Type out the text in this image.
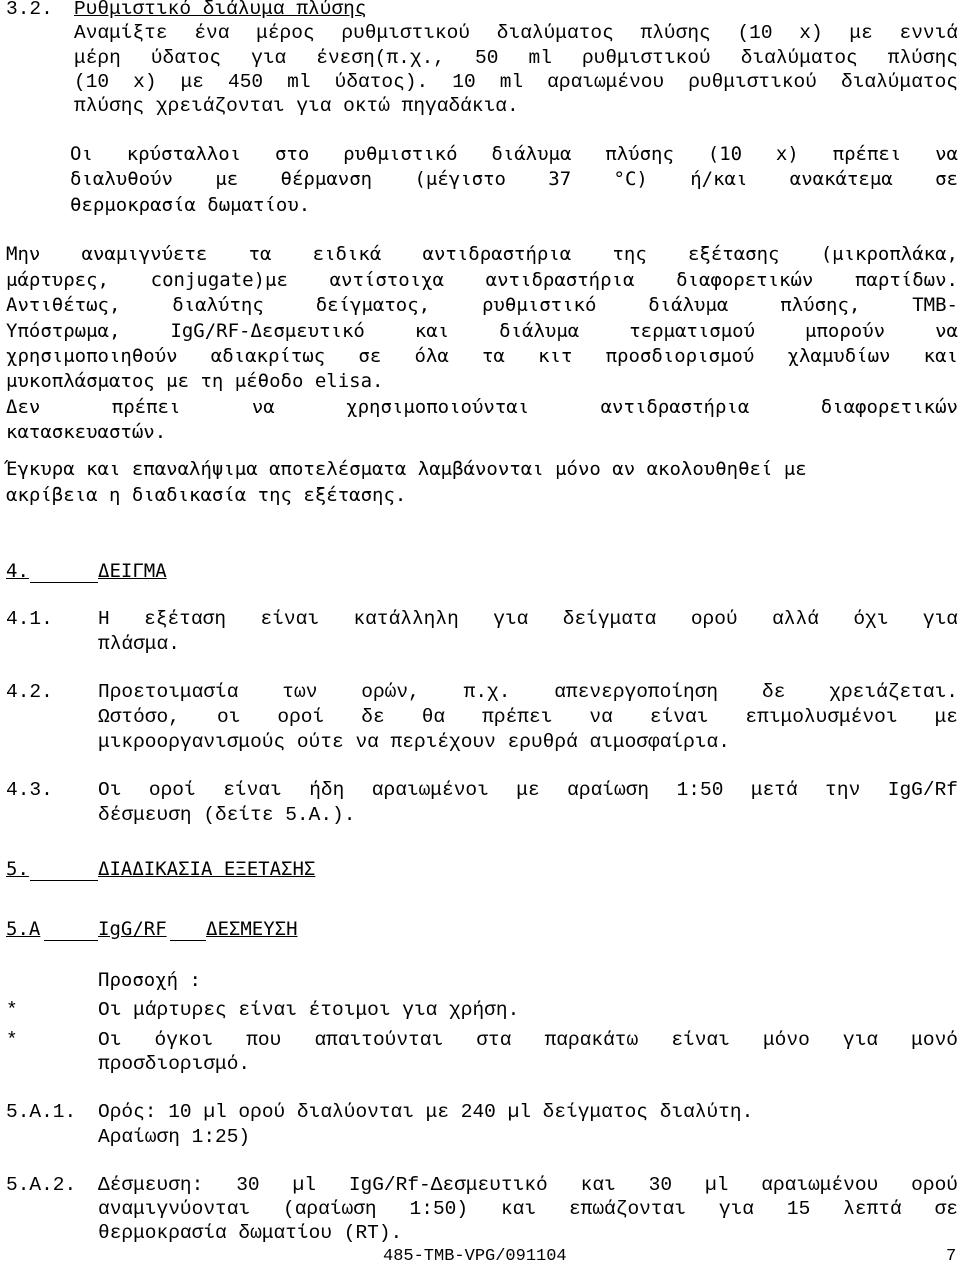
3.2. Ρυθμιστικό διάλυμα πλύσης
Αναμίξτε ένα μέρος ρυθμιστικού διαλύματος πλύσης (10 x) με εννιά
μέρη ύδατος για ένεση(π.χ., 50 ml ρυθμιστικού διαλύματος πλύσης
(10 x) με 450 ml ύδατος). 10 ml αραιωμένου ρυθμιστικού διαλύματος
πλύσης χρειάζονται για οκτώ πηγαδάκια.
Οι κρύσταλλοι στο ρυθμιστικό διάλυμα πλύσης (10 x) πρέπει να
διαλυθούν με θέρμανση (μέγιστο 37 °C) ή/και ανακάτεμα σε
θερμοκρασία δωματίου.
Μην αναμιγνύετε τα ειδικά αντιδραστήρια της εξέτασης (μικροπλάκα,
μάρτυρες, conjugate)με αντίστοιχα αντιδραστήρια διαφορετικών παρτίδων.
Αντιθέτως, διαλύτης δείγματος, ρυθμιστικό διάλυμα πλύσης, TMB-
Υπόστρωμα, IgG/RF-Δεσμευτικό και διάλυμα τερματισμού μπορούν να
χρησιμοποιηθούν αδιακρίτως σε όλα τα κιτ προσδιορισμού χλαμυδίων και
μυκοπλάσματος με τη μέθοδο elisa.
Δεν πρέπει να χρησιμοποιούνται αντιδραστήρια διαφορετικών
κατασκευαστών.
Έγκυρα και επαναλήψιμα αποτελέσματα λαμβάνονται μόνο αν ακολουθηθεί με
ακρίβεια η διαδικασία της εξέτασης.
4.	ΔΕΙΓΜΑ
4.1. Η εξέταση είναι κατάλληλη για δείγματα ορού αλλά όχι για
πλάσμα.
4.2. Προετοιμασία των ορών, π.χ. απενεργοποίηση δε χρειάζεται.
Ωστόσο, οι οροί δε θα πρέπει να είναι επιμολυσμένοι με
μικροοργανισμούς ούτε να περιέχουν ερυθρά αιμοσφαίρια.
4.3. Οι οροί είναι ήδη αραιωμένοι με αραίωση 1:50 μετά την IgG/Rf
δέσμευση (δείτε 5.Α.).
5.	ΔΙΑΔΙΚΑΣΙΑ ΕΞΕΤΑΣΗΣ
5.A	IgG/RF ΔΕΣΜΕΥΣΗ
Προσοχή :
*	Οι μάρτυρες είναι έτοιμοι για χρήση.
*	Οι όγκοι που απαιτούνται στα παρακάτω είναι μόνο για μονό
προσδιορισμό.
5.Α.1. Ορός: 10 µl ορού διαλύονται με 240 µl δείγματος διαλύτη.
Αραίωση 1:25)
5.Α.2. Δέσμευση: 30 µl IgG/Rf-Δεσμευτικό και 30 µl αραιωμένου ορού
αναμιγνύονται (αραίωση 1:50) και επωάζονται για 15 λεπτά σε
θερμοκρασία δωματίου (RT).
485-TMB-VPG/091104	7
